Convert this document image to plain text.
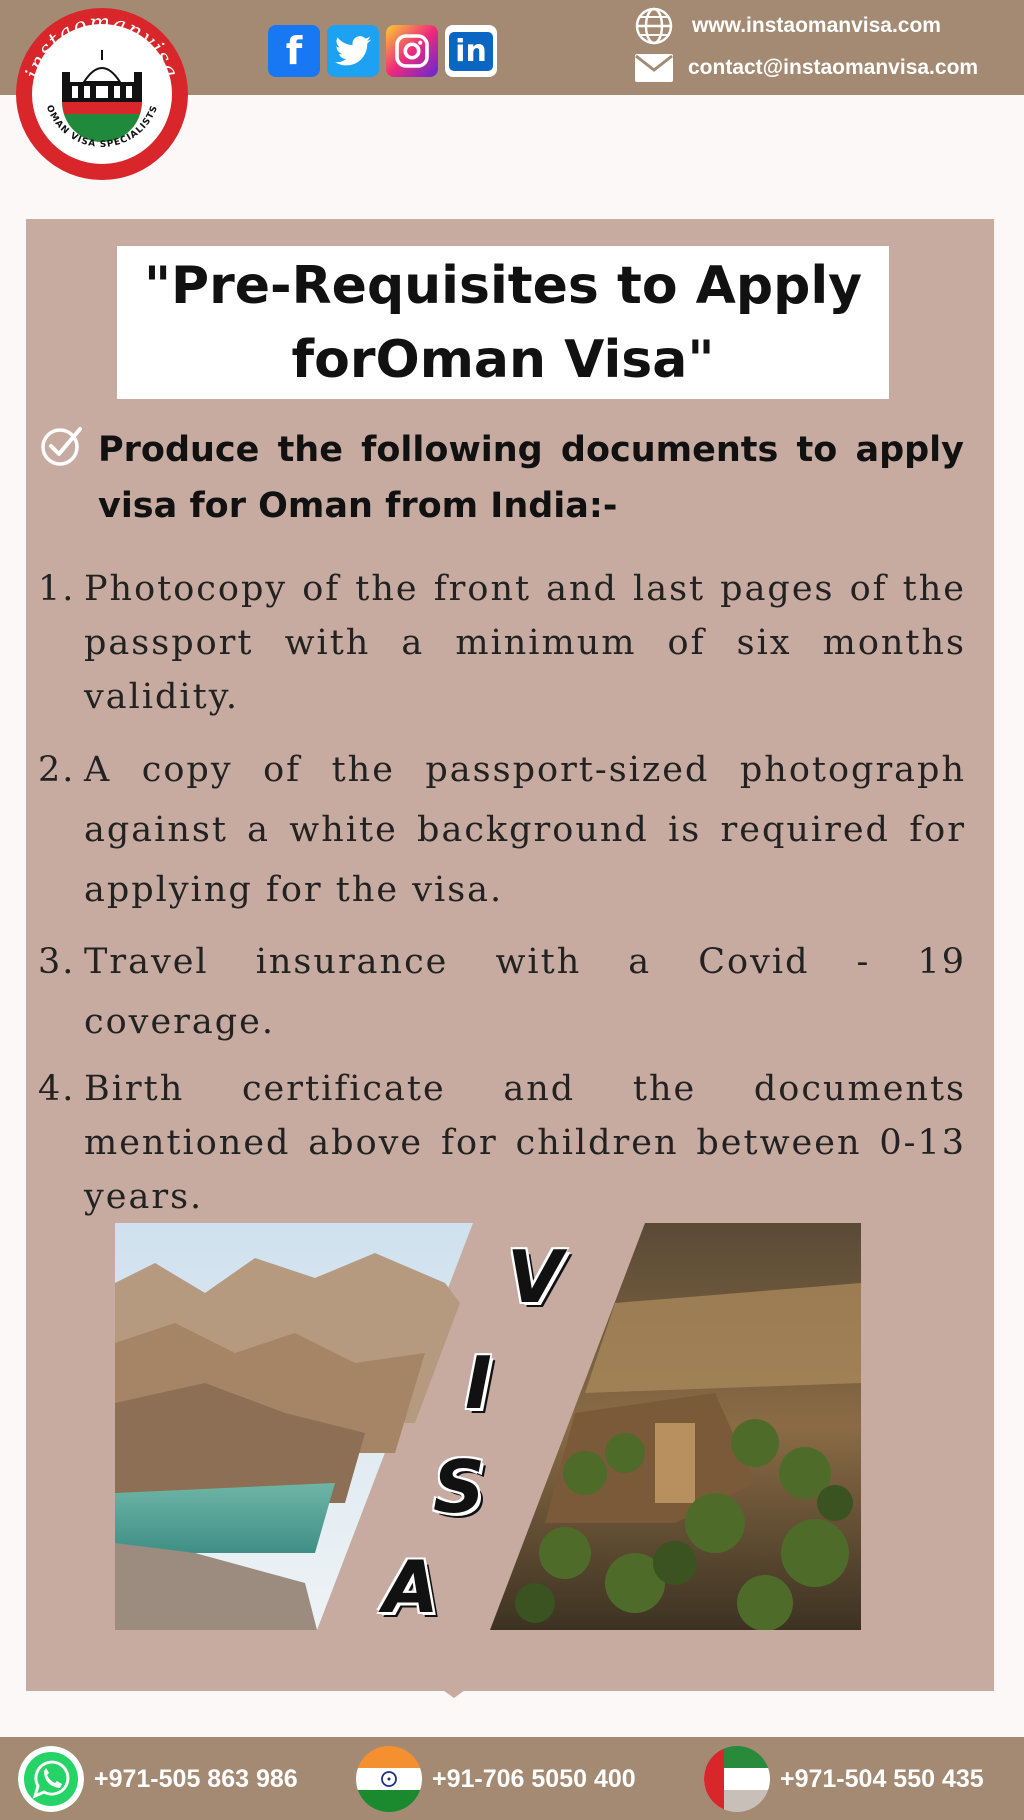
instaomanvisa
OMAN VISA SPECIALISTS
f	in
www.instaomanvisa.com
contact@instaomanvisa.com
"Pre-Requisites to Apply forOman Visa"

Produce the following documents to apply visa for Oman from India:-

1. Photocopy of the front and last pages of the passport with a minimum of six months validity.
2. A copy of the passport-sized photograph against a white background is required for applying for the visa.
3. Travel insurance with a Covid - 19 coverage.
4. Birth certificate and the documents mentioned above for children between 0-13 years.
V
I
S
A
+971-505 863 986	+91-706 5050 400	+971-504 550 435
